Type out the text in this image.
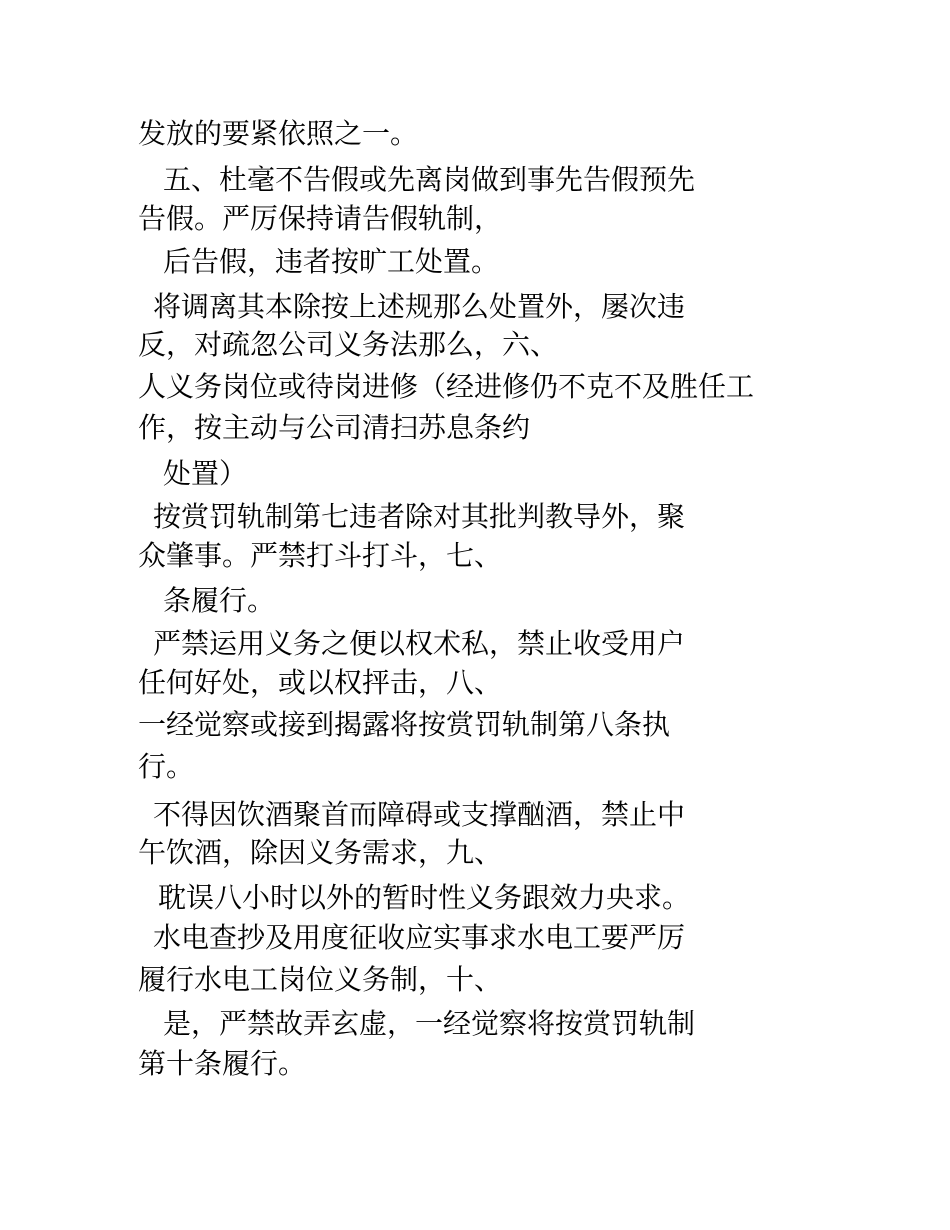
发放的要紧依照之一。
五、杜毫不告假或先离岗做到事先告假预先
告假。严厉保持请告假轨制，
后告假，违者按旷工处置。
将调离其本除按上述规那么处置外，屡次违
反，对疏忽公司义务法那么，六、
人义务岗位或待岗进修（经进修仍不克不及胜任工
作，按主动与公司清扫苏息条约
处置）
按赏罚轨制第七违者除对其批判教导外，聚
众肇事。严禁打斗打斗，七、
条履行。
严禁运用义务之便以权术私，禁止收受用户
任何好处，或以权抨击，八、
一经觉察或接到揭露将按赏罚轨制第八条执
行。
不得因饮酒聚首而障碍或支撑酗酒，禁止中
午饮酒，除因义务需求，九、
耽误八小时以外的暂时性义务跟效力央求。
水电查抄及用度征收应实事求水电工要严厉
履行水电工岗位义务制，十、
是，严禁故弄玄虚，一经觉察将按赏罚轨制
第十条履行。
